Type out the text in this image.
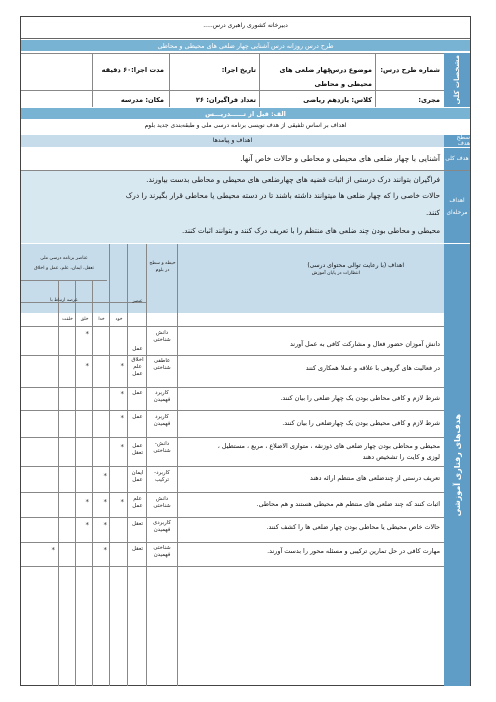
دبیرخانه کشوری راهبری درس.....
طرح درس روزانه درس آشنایی چهار ضلعی های محیطی و محاطی
مشخصات کلی
شماره طرح درس:
موضوع درس:
چهار ضلعی های
محیطی و محاطی
تاریخ اجرا:
مدت اجرا:۶۰ دقیقه
مجری:
کلاس: یازدهم ریاضی
تعداد فراگیران: ۲۶
مکان: مدرسه
الف: قبل از تــــــدریـــس
اهداف بر اساس تلفیقی از هدف نویسی برنامه درسی ملی و طبقه‌بندی جدید بلوم
سطح هدف
اهداف و پیامدها
هدف کلی
آشنایی با چهار ضلعی های محیطی و محاطی و حالات خاص آنها.
اهداف مرحله‌ای
فراگیران بتوانند درک درستی از اثبات قضیه های چهارضلعی های محیطی و محاطی بدست بیاورند.
حالات خاصی را که چهار ضلعی ها میتوانند داشته باشند تا در دسته محیطی یا محاطی قرار بگیرند را درک
کنند.
محیطی و محاطی بودن چند ضلعی های منتظم را با تعریف درک کنند و بتوانند اثبات کنند.
هدف‌های رفتاری آموزشی
اهداف (با رعایت توالی محتوای درسی)
انتظارات در پایان آموزش
حیطه و سطح در بلوم
عناصر برنامه درسی ملی
تعقل، ایمان، علم، عمل و اخلاق
عنصر
عرصه ارتباط با
خود
خدا
خلق
خلقت
دانش آموزان حضور فعال و مشارکت کافی به عمل آورند
دانش شناختی
عمل
*
در فعالیت های گروهی با علاقه و عملا همکاری کنند
عاطفی شناختی
اخلاق علم عمل
*
*
شرط لازم و کافی محاطی بودن یک چهار ضلعی را بیان کنند.
کاربرد فهمیدن
عمل
*
شرط لازم و کافی محیطی بودن یک چهارضلعی را بیان کنند.
کاربرد فهمیدن
عمل
*
محیطی و محاطی بودن چهار ضلعی های ذوزنقه ، متوازی الاضلاع ، مربع ، مستطیل ،
لوزی و کایت را تشخیص دهند
دانش- شناختی
عمل تعقل
*
تعریف درستی از چندضلعی های منتظم ارائه دهند
کاربرد- ترکیب
ایمان عمل
*
اثبات کنند که چند ضلعی های منتظم هم محیطی هستند و هم محاطی.
دانش شناختی
علم عمل
*
*
*
حالات خاص محیطی یا محاطی بودن چهار ضلعی ها را کشف کنند.
کاربردی فهمیدن
تعقل
*
*
مهارت کافی در حل تمارین ترکیبی و مسئله محور را بدست آورند.
شناختی فهمیدن
تعقل
*
*
